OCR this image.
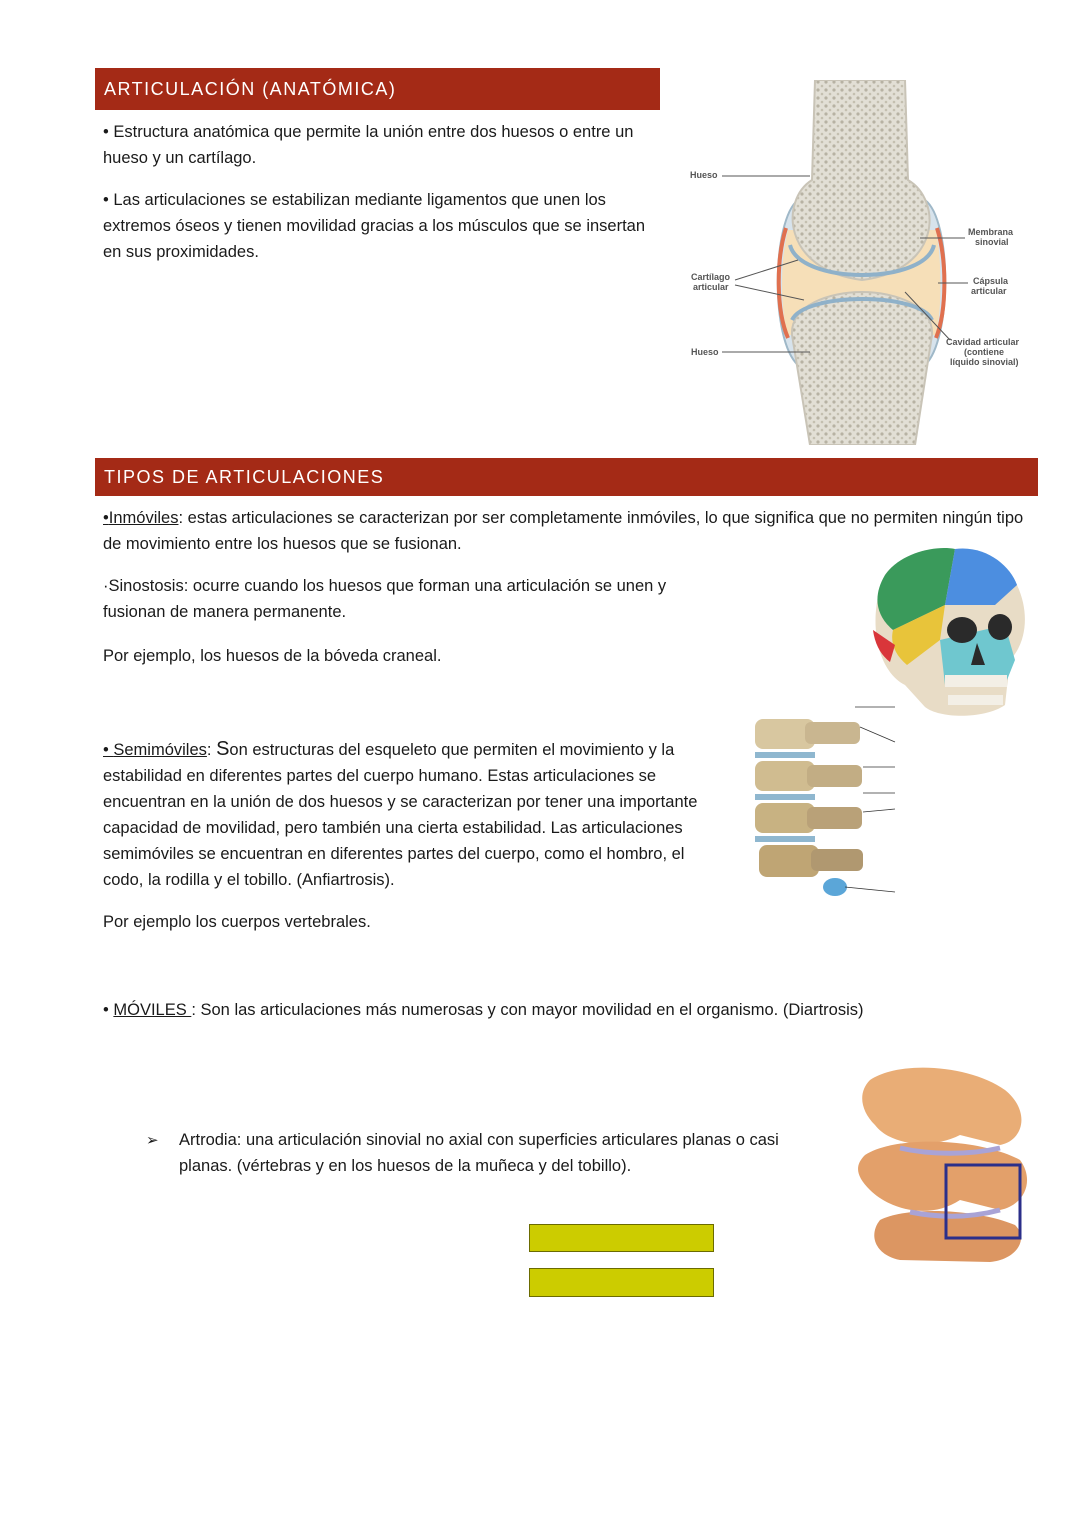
ARTICULACIÓN (ANATÓMICA)

• Estructura anatómica que permite la unión entre dos huesos o entre un hueso y un cartílago.

• Las articulaciones se estabilizan mediante ligamentos que unen los extremos óseos y tienen movilidad gracias a los músculos que se insertan en sus proximidades.

Hueso
Cartílago
articular
Hueso
Membrana
sinovial
Cápsula
articular
Cavidad articular
(contiene
líquido sinovial)
TIPOS DE ARTICULACIONES

•Inmóviles: estas articulaciones se caracterizan por ser completamente inmóviles, lo que significa que no permiten ningún tipo de movimiento entre los huesos que se fusionan.

·Sinostosis: ocurre cuando los huesos que forman una articulación se unen y fusionan de manera permanente.

Por ejemplo, los huesos de la bóveda craneal.

• Semimóviles: Son estructuras del esqueleto que permiten el movimiento y la estabilidad en diferentes partes del cuerpo humano. Estas articulaciones se encuentran en la unión de dos huesos y se caracterizan por tener una importante capacidad de movilidad, pero también una cierta estabilidad. Las articulaciones semimóviles se encuentran en diferentes partes del cuerpo, como el hombro, el codo, la rodilla y el tobillo. (Anfiartrosis).

Por ejemplo los cuerpos vertebrales.

• MÓVILES : Son las articulaciones más numerosas y con mayor movilidad en el organismo. (Diartrosis)

➢ Artrodia: una articulación sinovial no axial con superficies articulares planas o casi planas. (vértebras y en los huesos de la muñeca y del tobillo).
